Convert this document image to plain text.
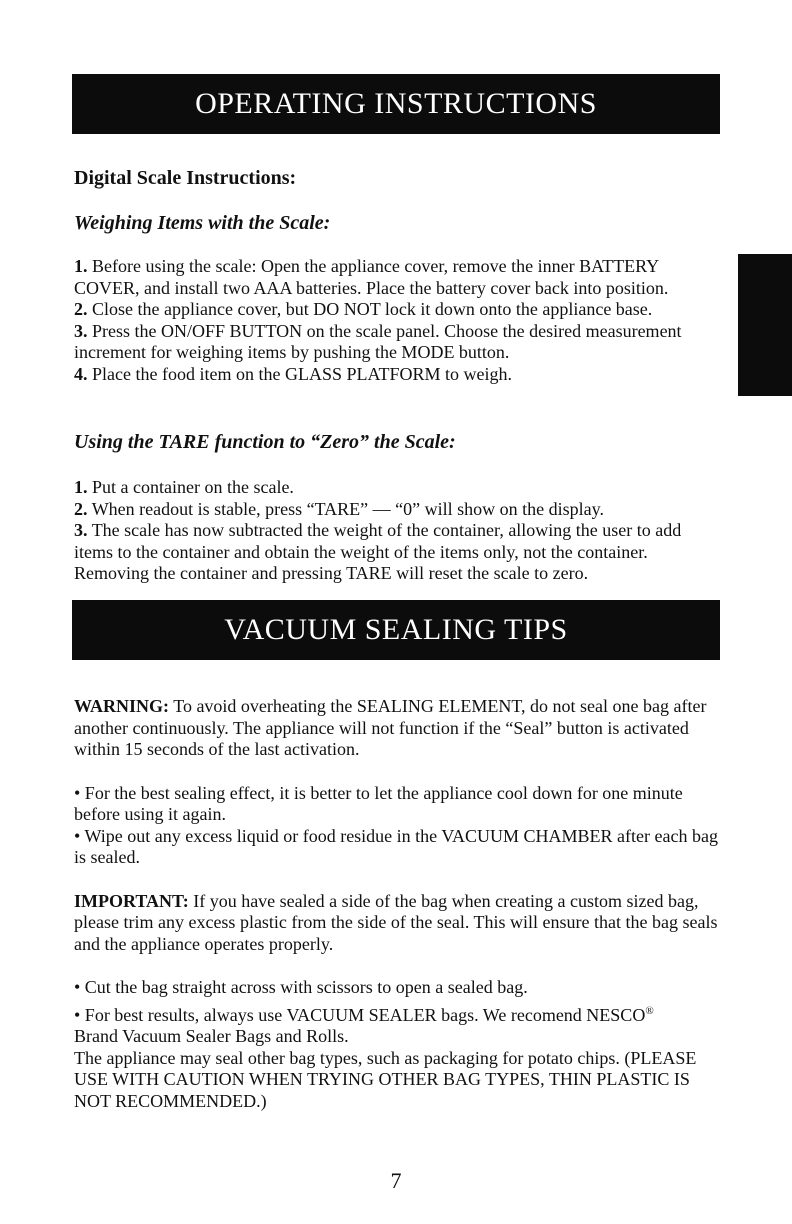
OPERATING INSTRUCTIONS
Digital Scale Instructions:
Weighing Items with the Scale:

1. Before using the scale: Open the appliance cover, remove the inner BATTERY COVER, and install two AAA batteries. Place the battery cover back into position.

2. Close the appliance cover, but DO NOT lock it down onto the appliance base.

3. Press the ON/OFF BUTTON on the scale panel. Choose the desired measurement increment for weighing items by pushing the MODE button.

4. Place the food item on the GLASS PLATFORM to weigh.

Using the TARE function to “Zero” the Scale:

1. Put a container on the scale.

2. When readout is stable, press “TARE” — “0” will show on the display.

3. The scale has now subtracted the weight of the container, allowing the user to add items to the container and obtain the weight of the items only, not the container. Removing the container and pressing TARE will reset the scale to zero.

VACUUM SEALING TIPS

WARNING: To avoid overheating the SEALING ELEMENT, do not seal one bag after another continuously. The appliance will not function if the “Seal” button is activated within 15 seconds of the last activation.

• For the best sealing effect, it is better to let the appliance cool down for one minute before using it again.

• Wipe out any excess liquid or food residue in the VACUUM CHAMBER after each bag is sealed.

IMPORTANT: If you have sealed a side of the bag when creating a custom sized bag, please trim any excess plastic from the side of the seal. This will ensure that the bag seals and the appliance operates properly.

• Cut the bag straight across with scissors to open a sealed bag.

• For best results, always use VACUUM SEALER bags. We recomend NESCO®
Brand Vacuum Sealer Bags and Rolls.

The appliance may seal other bag types, such as packaging for potato chips. (PLEASE USE WITH CAUTION WHEN TRYING OTHER BAG TYPES, THIN PLASTIC IS NOT RECOMMENDED.)

7
